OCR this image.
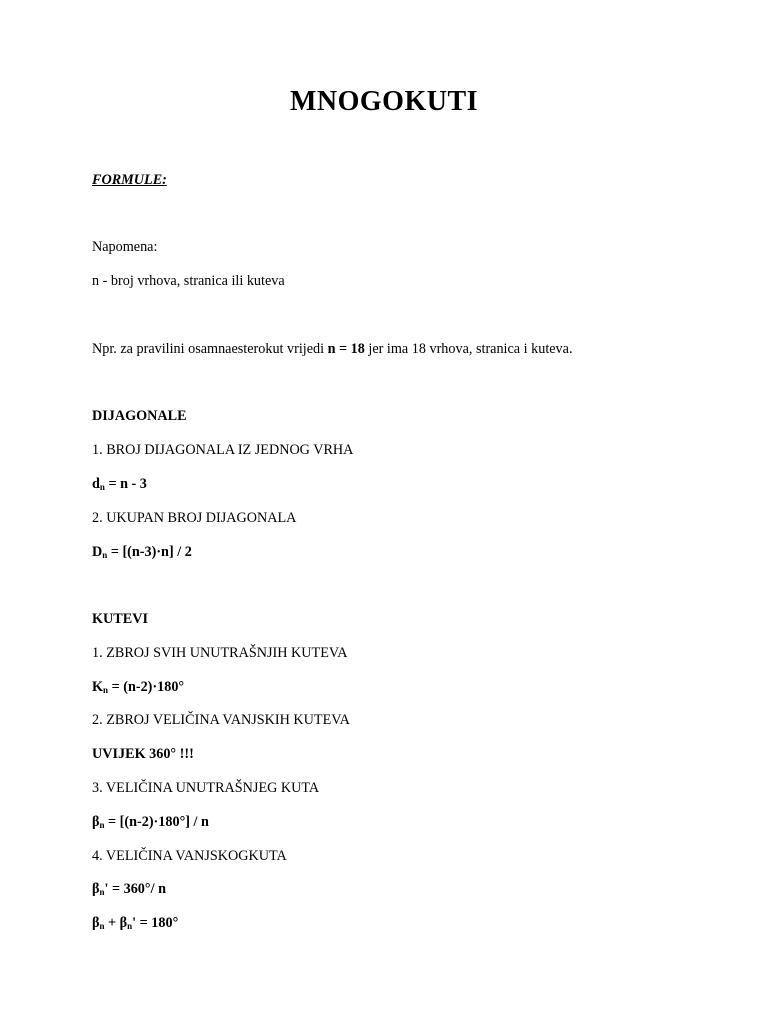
MNOGOKUTI
FORMULE:
Napomena:
n - broj vrhova, stranica ili kuteva
Npr. za pravilini osamnaesterokut vrijedi n = 18 jer ima 18 vrhova, stranica i kuteva.
DIJAGONALE
1. BROJ DIJAGONALA IZ JEDNOG VRHA
$d_n = n - 3$
2. UKUPAN BROJ DIJAGONALA
$D_n = [(n-3)\cdot n] / 2$
KUTEVI
1. ZBROJ SVIH UNUTRAŠNJIH KUTEVA
$K_n = (n-2)\cdot 180^\circ$
2. ZBROJ VELIČINA VANJSKIH KUTEVA
UVIJEK 360° !!!
3. VELIČINA UNUTRAŠNJEG KUTA
$\beta_n = [(n-2)\cdot 180^\circ] / n$
4. VELIČINA VANJSKOGKUTA
$\beta_n' = 360^\circ/$ n
$\beta_n + \beta_n' = 180^\circ$
